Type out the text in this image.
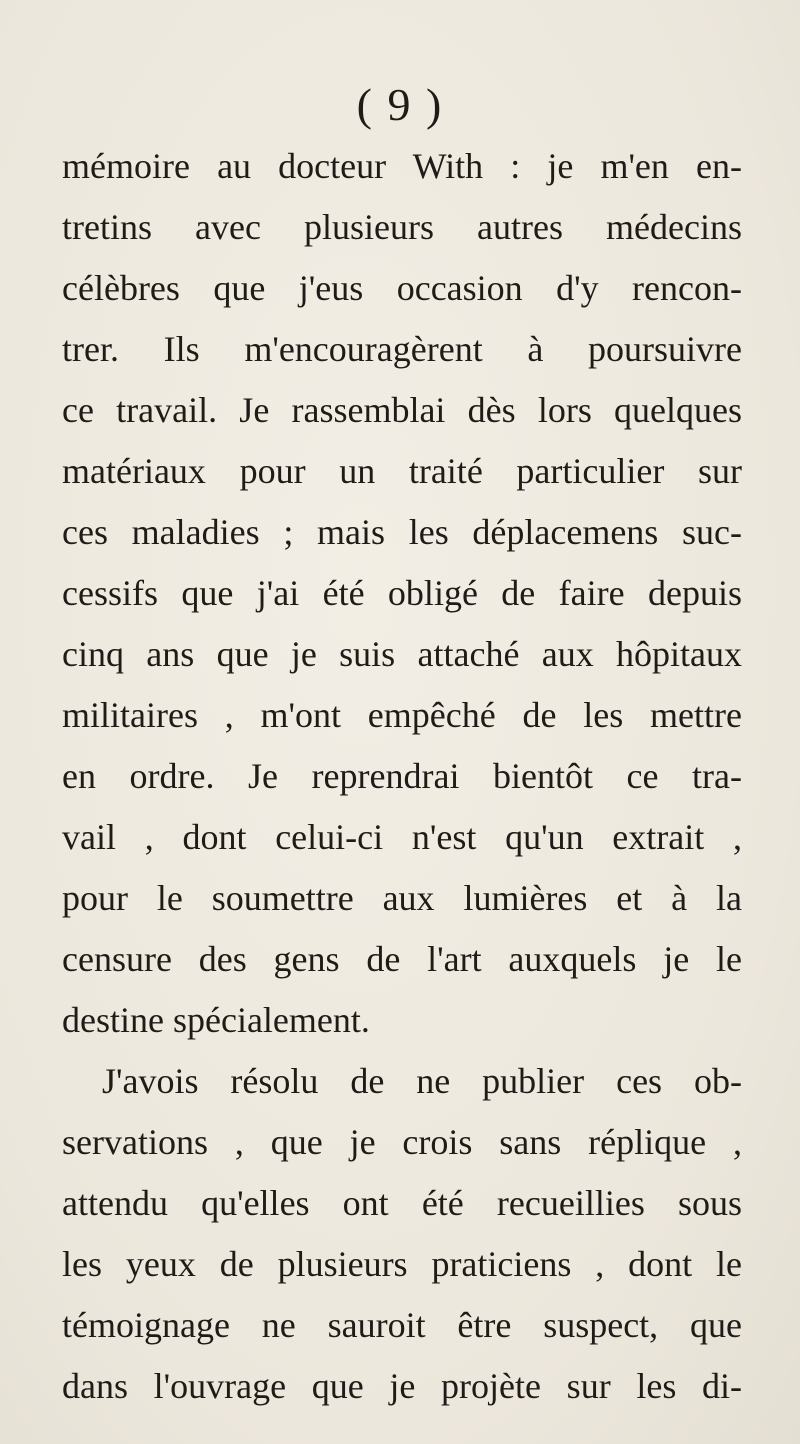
( 9 )
mémoire au docteur With : je m'en en-
tretins avec plusieurs autres médecins
célèbres que j'eus occasion d'y rencon-
trer. Ils m'encouragèrent à poursuivre
ce travail. Je rassemblai dès lors quelques
matériaux pour un traité particulier sur
ces maladies ; mais les déplacemens suc-
cessifs que j'ai été obligé de faire depuis
cinq ans que je suis attaché aux hôpitaux
militaires , m'ont empêché de les mettre
en ordre. Je reprendrai bientôt ce tra-
vail , dont celui-ci n'est qu'un extrait ,
pour le soumettre aux lumières et à la
censure des gens de l'art auxquels je le
destine spécialement.
J'avois résolu de ne publier ces ob-
servations , que je crois sans réplique ,
attendu qu'elles ont été recueillies sous
les yeux de plusieurs praticiens , dont le
témoignage ne sauroit être suspect, que
dans l'ouvrage que je projète sur les di-
